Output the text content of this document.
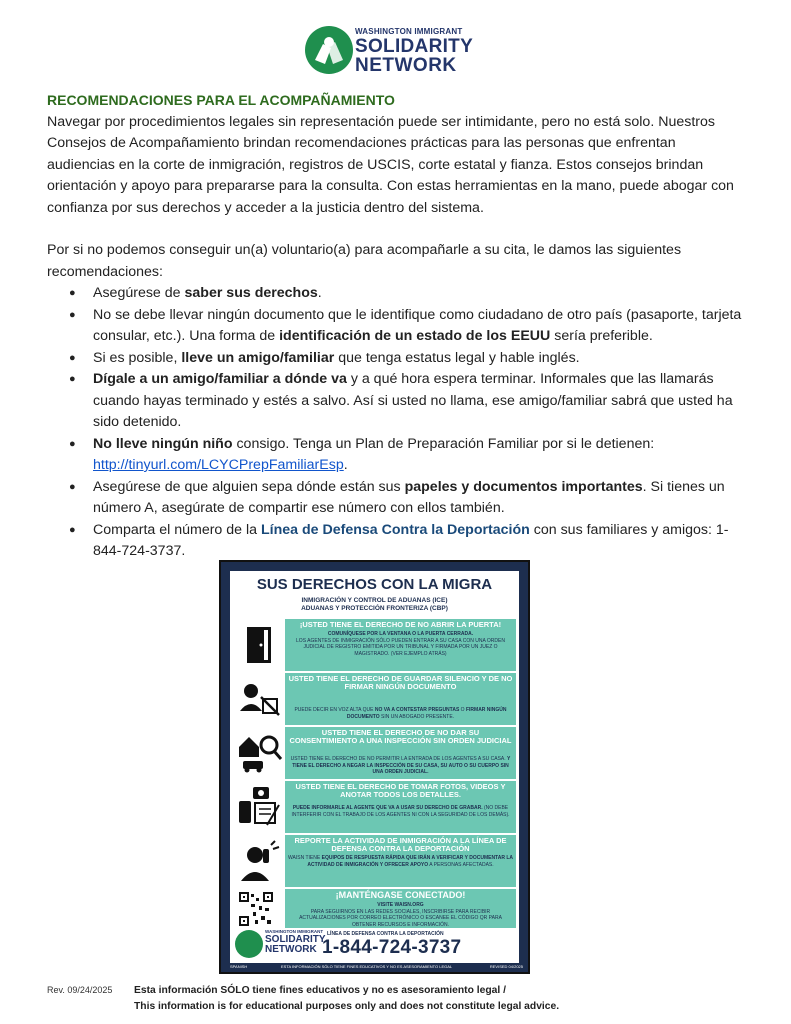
WASHINGTON IMMIGRANT
SOLIDARITY
NETWORK

RECOMENDACIONES PARA EL ACOMPAÑAMIENTO

Navegar por procedimientos legales sin representación puede ser intimidante, pero no está solo. Nuestros Consejos de Acompañamiento brindan recomendaciones prácticas para las personas que enfrentan audiencias en la corte de inmigración, registros de USCIS, corte estatal y fianza. Estos consejos brindan orientación y apoyo para prepararse para la consulta. Con estas herramientas en la mano, puede abogar con confianza por sus derechos y acceder a la justicia dentro del sistema.

Por si no podemos conseguir un(a) voluntario(a) para acompañarle a su cita, le damos las siguientes recomendaciones:

● Asegúrese de saber sus derechos.
● No se debe llevar ningún documento que le identifique como ciudadano de otro país (pasaporte, tarjeta consular, etc.). Una forma de identificación de un estado de los EEUU sería preferible.
● Si es posible, lleve un amigo/familiar que tenga estatus legal y hable inglés.
● Dígale a un amigo/familiar a dónde va y a qué hora espera terminar. Informales que las llamarás cuando hayas terminado y estés a salvo. Así si usted no llama, ese amigo/familiar sabrá que usted ha sido detenido.
● No lleve ningún niño consigo. Tenga un Plan de Preparación Familiar por si le detienen: http://tinyurl.com/LCYCPrepFamiliarEsp.
● Asegúrese de que alguien sepa dónde están sus papeles y documentos importantes. Si tienes un número A, asegúrate de compartir ese número con ellos también.
● Comparta el número de la Línea de Defensa Contra la Deportación con sus familiares y amigos: 1-844-724-3737.
SUS DERECHOS CON LA MIGRA
INMIGRACIÓN Y CONTROL DE ADUANAS (ICE)
ADUANAS Y PROTECCIÓN FRONTERIZA (CBP)
¡USTED TIENE EL DERECHO DE NO ABRIR LA PUERTA!
COMUNÍQUESE POR LA VENTANA O LA PUERTA CERRADA.
LOS AGENTES DE INMIGRACIÓN SÓLO PUEDEN ENTRAR A SU CASA CON UNA ORDEN JUDICIAL DE REGISTRO EMITIDA POR UN TRIBUNAL Y FIRMADA POR UN JUEZ O MAGISTRADO. (VER EJEMPLO ATRÁS)
USTED TIENE EL DERECHO DE GUARDAR SILENCIO Y DE NO FIRMAR NINGÚN DOCUMENTO
PUEDE DECIR EN VOZ ALTA QUE NO VA A CONTESTAR PREGUNTAS O FIRMAR NINGÚN DOCUMENTO SIN UN ABOGADO PRESENTE.
USTED TIENE EL DERECHO DE NO DAR SU CONSENTIMIENTO A UNA INSPECCIÓN SIN ORDEN JUDICIAL
USTED TIENE EL DERECHO DE NO PERMITIR LA ENTRADA DE LOS AGENTES A SU CASA. Y TIENE EL DERECHO A NEGAR LA INSPECCIÓN DE SU CASA, SU AUTO O SU CUERPO SIN UNA ORDEN JUDICIAL.
USTED TIENE EL DERECHO DE TOMAR FOTOS, VIDEOS Y ANOTAR TODOS LOS DETALLES.
PUEDE INFORMARLE AL AGENTE QUE VA A USAR SU DERECHO DE GRABAR. (NO DEBE INTERFERIR CON EL TRABAJO DE LOS AGENTES NI CON LA SEGURIDAD DE LOS DEMÁS).
REPORTE LA ACTIVIDAD DE INMIGRACIÓN A LA LÍNEA DE DEFENSA CONTRA LA DEPORTACIÓN
WAISN TIENE EQUIPOS DE RESPUESTA RÁPIDA QUE IRÁN A VERIFICAR Y DOCUMENTAR LA ACTIVIDAD DE INMIGRACIÓN Y OFRECER APOYO A PERSONAS AFECTADAS.
¡MANTÉNGASE CONECTADO!
VISITE WAISN.ORG
PARA SEGUIRNOS EN LAS REDES SOCIALES, INSCRIBIRSE PARA RECIBIR ACTUALIZACIONES POR CORREO ELECTRÓNICO O ESCANEE EL CÓDIGO QR PARA OBTENER RECURSOS E INFORMACIÓN.
WASHINGTON IMMIGRANT
SOLIDARITY
NETWORK
LÍNEA DE DEFENSA CONTRA LA DEPORTACIÓN
1-844-724-3737
SPANISH	ESTA INFORMACIÓN SÓLO TIENE FINES EDUCATIVOS Y NO ES ASESORAMIENTO LEGAL	REVISED 04/2025
Rev. 09/24/2025 Esta información SÓLO tiene fines educativos y no es asesoramiento legal /
This information is for educational purposes only and does not constitute legal advice.
